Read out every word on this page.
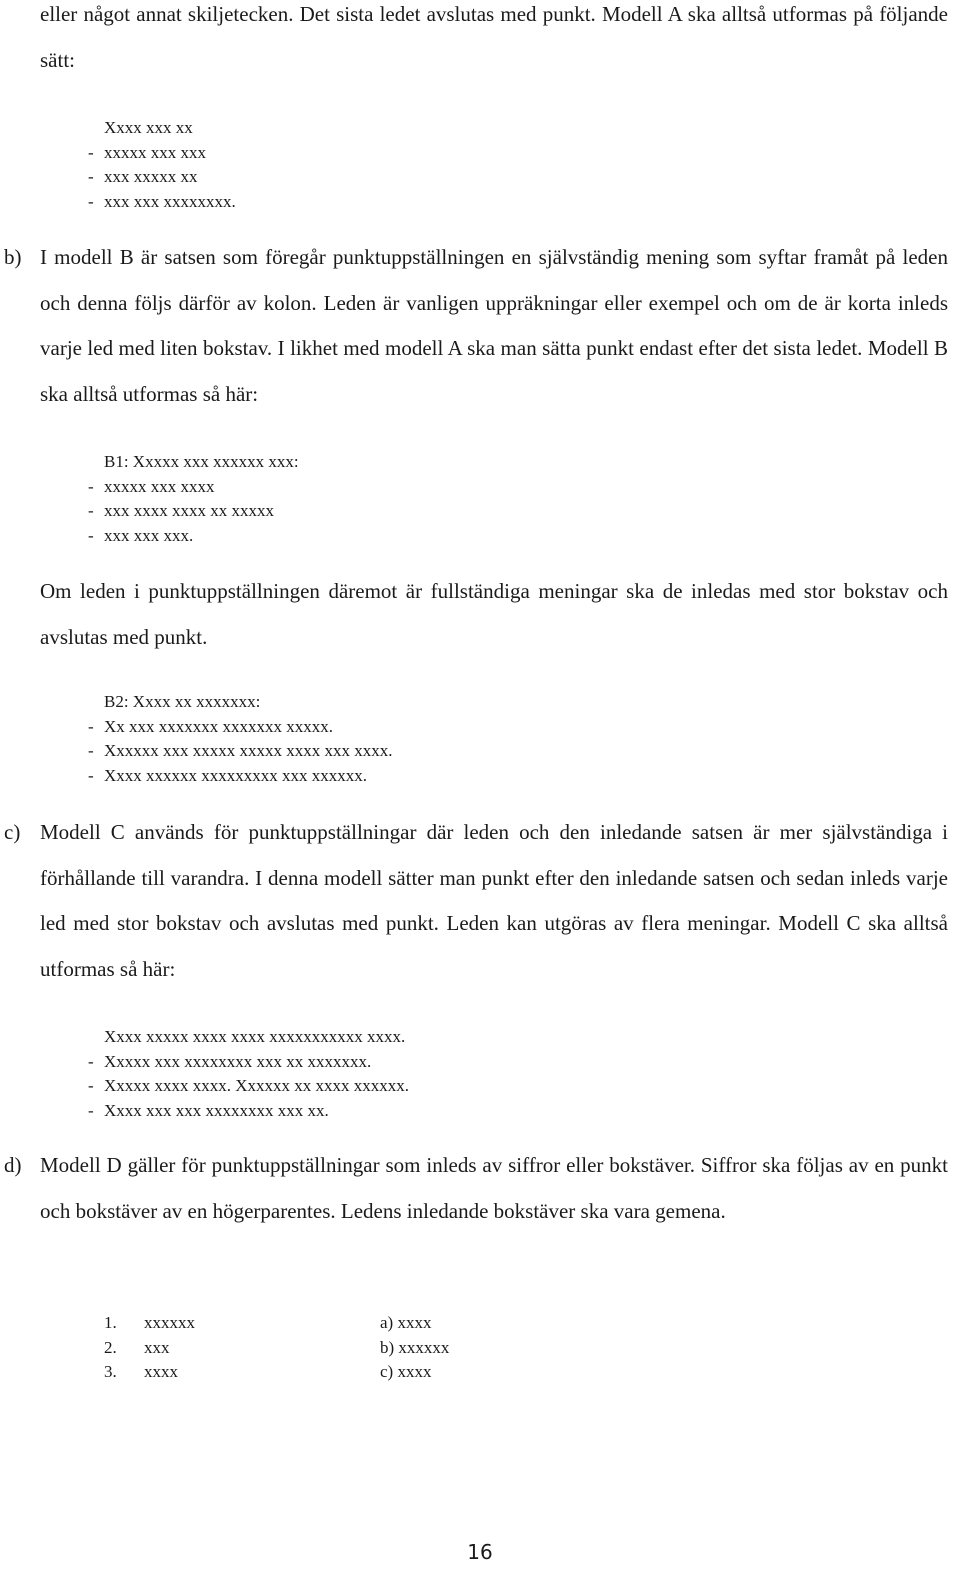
eller något annat skiljetecken. Det sista ledet avslutas med punkt. Modell A ska alltså utformas på följande sätt:

Xxxx xxx xx
- xxxxx xxx xxx
- xxx xxxxx xx
- xxx xxx xxxxxxxx.
b) I modell B är satsen som föregår punktuppställningen en självständig mening som syftar framåt på leden och denna följs därför av kolon. Leden är vanligen uppräkningar eller exempel och om de är korta inleds varje led med liten bokstav. I likhet med modell A ska man sätta punkt endast efter det sista ledet. Modell B ska alltså utformas så här:
B1: Xxxxx xxx xxxxxx xxx:
- xxxxx xxx xxxx
- xxx xxxx xxxx xx xxxxx
- xxx xxx xxx.

Om leden i punktuppställningen däremot är fullständiga meningar ska de inledas med stor bokstav och avslutas med punkt.

B2: Xxxx xx xxxxxxx:
- Xx xxx xxxxxxx xxxxxxx xxxxx.
- Xxxxxx xxx xxxxx xxxxx xxxx xxx xxxx.
- Xxxx xxxxxx xxxxxxxxx xxx xxxxxx.
c) Modell C används för punktuppställningar där leden och den inledande satsen är mer självständiga i förhållande till varandra. I denna modell sätter man punkt efter den inledande satsen och sedan inleds varje led med stor bokstav och avslutas med punkt. Leden kan utgöras av flera meningar. Modell C ska alltså utformas så här:
Xxxx xxxxx xxxx xxxx xxxxxxxxxxx xxxx.
- Xxxxx xxx xxxxxxxx xxx xx xxxxxxx.
- Xxxxx xxxx xxxx. Xxxxxx xx xxxx xxxxxx.
- Xxxx xxx xxx xxxxxxxx xxx xx.
d) Modell D gäller för punktuppställningar som inleds av siffror eller bokstäver. Siffror ska följas av en punkt och bokstäver av en högerparentes. Ledens inledande bokstäver ska vara gemena.
1. xxxxxx	a) xxxx
2. xxx	b) xxxxxx
3. xxxx	c) xxxx
16
